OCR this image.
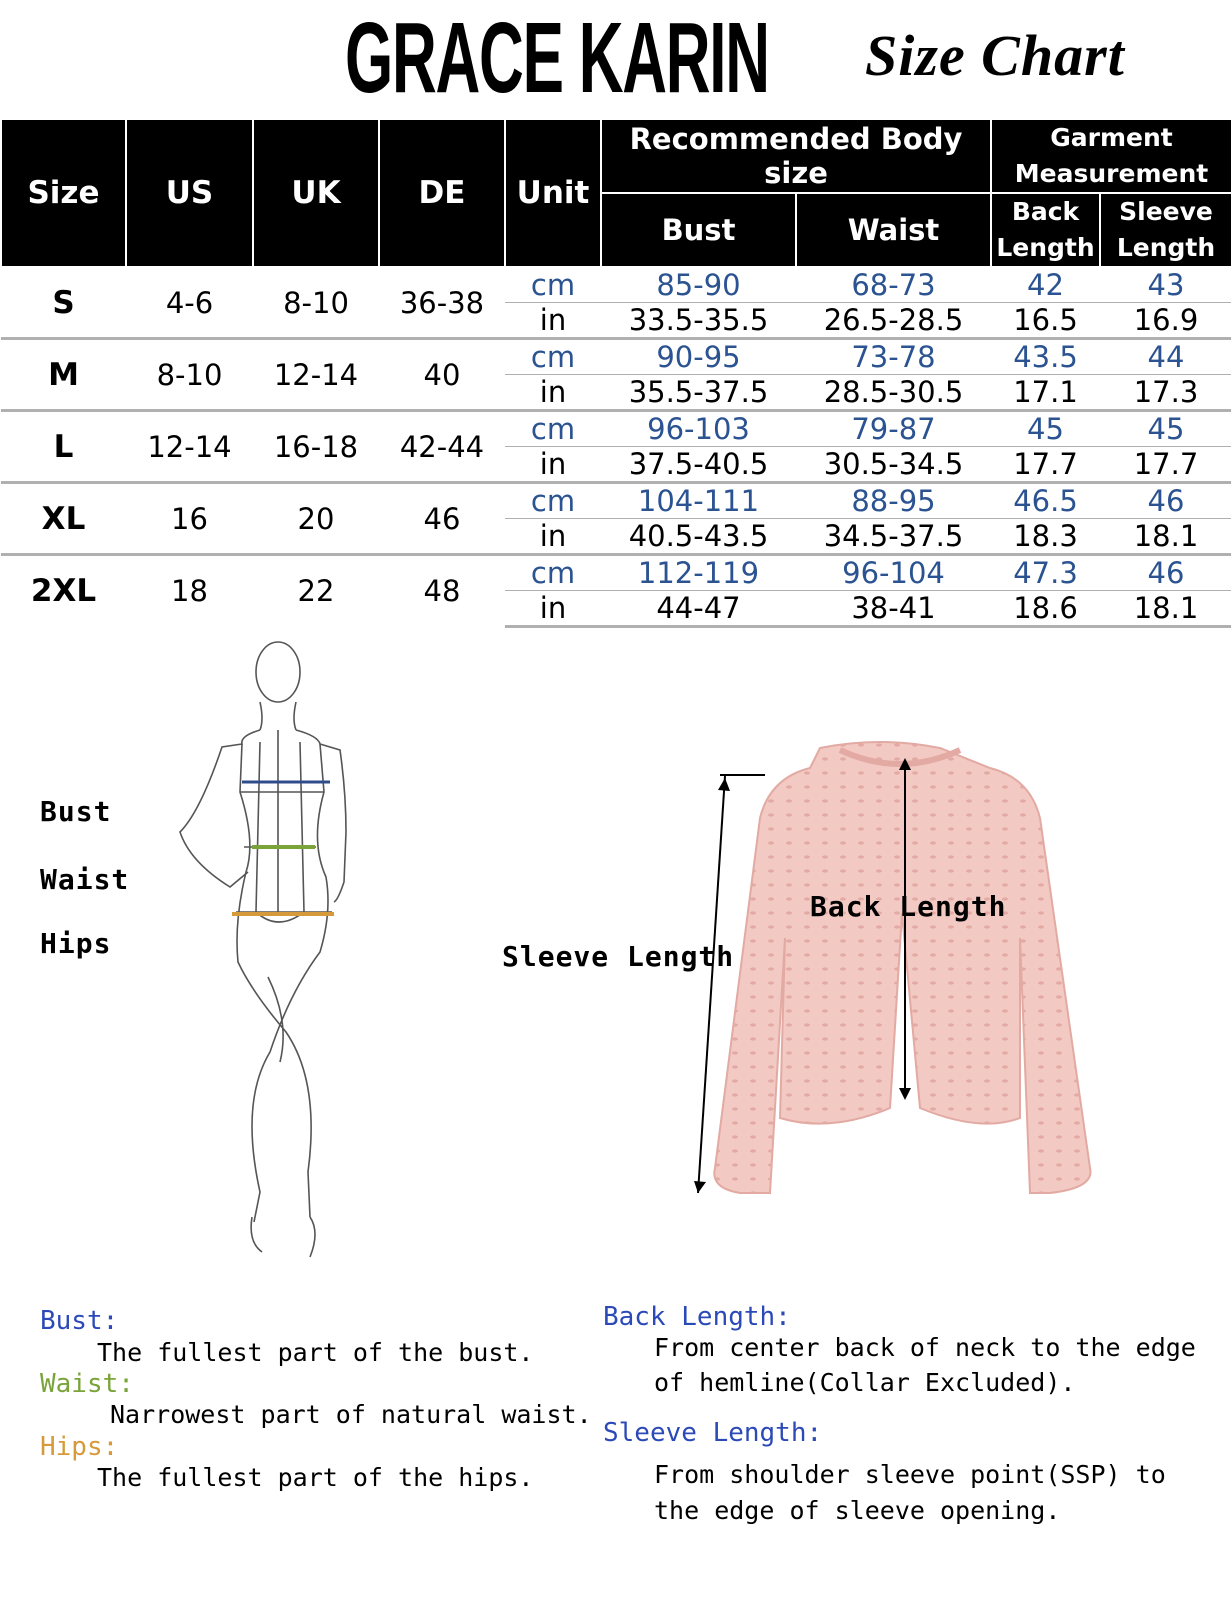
GRACE KARIN Size Chart
Size	US	UK	DE	Unit	Recommended Body size		Garment Measurement	
					Bust	Waist	Back Length	Sleeve Length
S	4-6	8-10	36-38	cm	85-90	68-73	42	43
				in	33.5-35.5	26.5-28.5	16.5	16.9
M	8-10	12-14	40	cm	90-95	73-78	43.5	44
				in	35.5-37.5	28.5-30.5	17.1	17.3
L	12-14	16-18	42-44	cm	96-103	79-87	45	45
				in	37.5-40.5	30.5-34.5	17.7	17.7
XL	16	20	46	cm	104-111	88-95	46.5	46
				in	40.5-43.5	34.5-37.5	18.3	18.1
2XL	18	22	48	cm	112-119	96-104	47.3	46
				in	44-47	38-41	18.6	18.1
Bust
Waist
Hips
Back Length
Sleeve Length
Bust:
The fullest part of the bust.
Waist:
Narrowest part of natural waist.
Hips:
The fullest part of the hips.
Back Length:
From center back of neck to the edge
of hemline(Collar Excluded).
Sleeve Length:
From shoulder sleeve point(SSP) to
the edge of sleeve opening.
